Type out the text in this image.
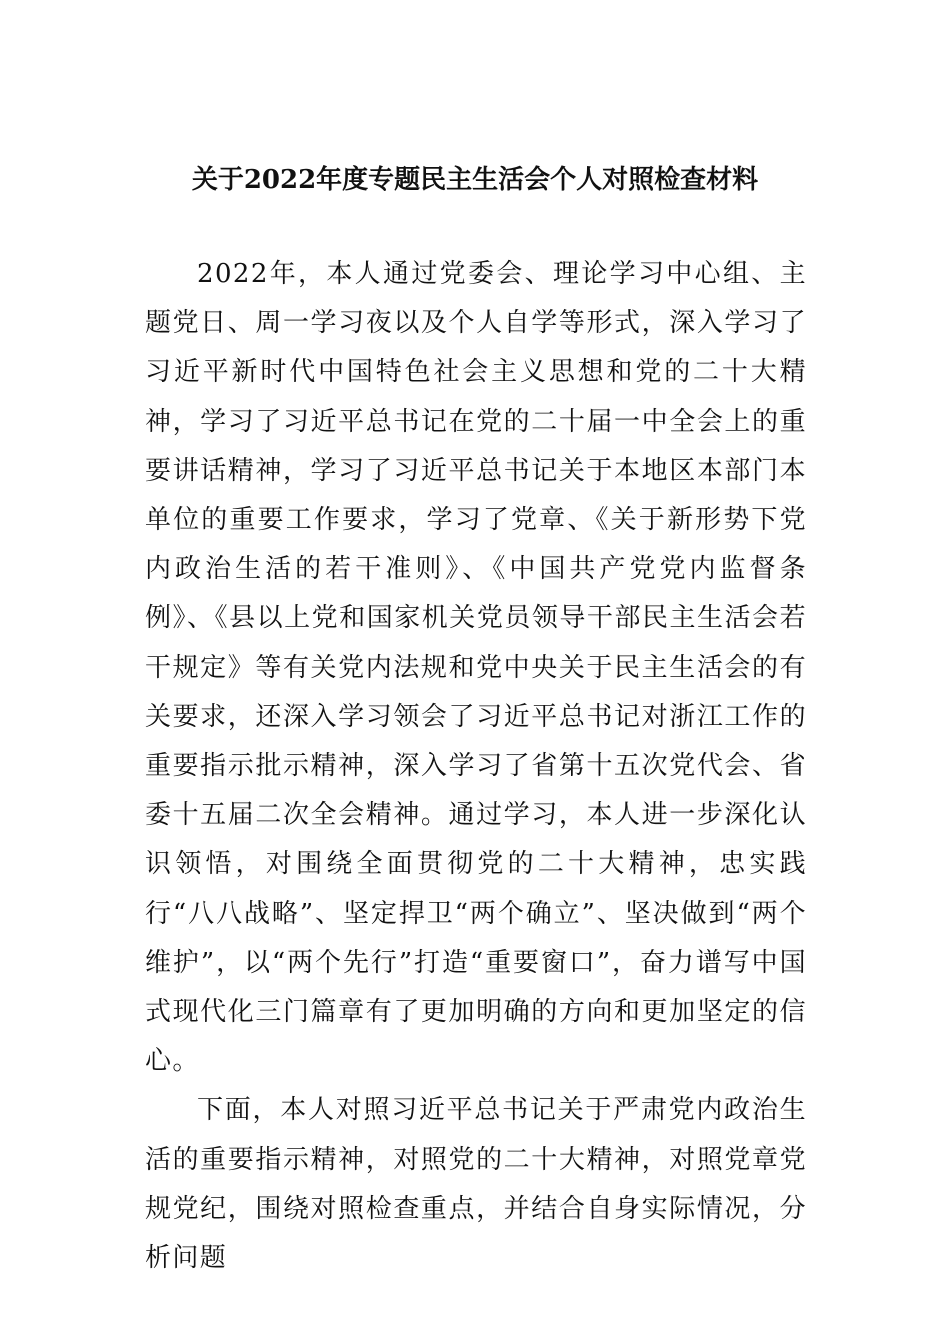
关于2022年度专题民主生活会个人对照检查材料

2022年，本人通过党委会、理论学习中心组、主题党日、周一学习夜以及个人自学等形式，深入学习了习近平新时代中国特色社会主义思想和党的二十大精神，学习了习近平总书记在党的二十届一中全会上的重要讲话精神，学习了习近平总书记关于本地区本部门本单位的重要工作要求，学习了党章、《关于新形势下党内政治生活的若干准则》、《中国共产党党内监督条例》、《县以上党和国家机关党员领导干部民主生活会若干规定》等有关党内法规和党中央关于民主生活会的有关要求，还深入学习领会了习近平总书记对浙江工作的重要指示批示精神，深入学习了省第十五次党代会、省委十五届二次全会精神。通过学习，本人进一步深化认识领悟，对围绕全面贯彻党的二十大精神，忠实践行“八八战略”、坚定捍卫“两个确立”、坚决做到“两个维护”，以“两个先行”打造“重要窗口”，奋力谱写中国式现代化三门篇章有了更加明确的方向和更加坚定的信心。

下面，本人对照习近平总书记关于严肃党内政治生活的重要指示精神，对照党的二十大精神，对照党章党规党纪，围绕对照检查重点，并结合自身实际情况，分析问题
